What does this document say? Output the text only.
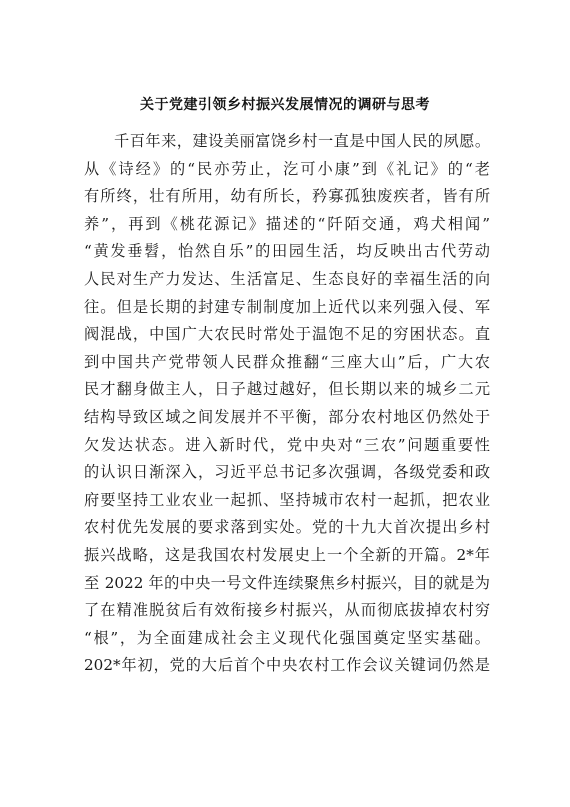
关于党建引领乡村振兴发展情况的调研与思考
千百年来，建设美丽富饶乡村一直是中国人民的夙愿。
从《诗经》的“民亦劳止，汔可小康”到《礼记》的“老
有所终，壮有所用，幼有所长，矜寡孤独废疾者，皆有所
养”，再到《桃花源记》描述的“阡陌交通，鸡犬相闻”
“黄发垂髫，怡然自乐”的田园生活，均反映出古代劳动
人民对生产力发达、生活富足、生态良好的幸福生活的向
往。但是长期的封建专制制度加上近代以来列强入侵、军
阀混战，中国广大农民时常处于温饱不足的穷困状态。直
到中国共产党带领人民群众推翻“三座大山”后，广大农
民才翻身做主人，日子越过越好，但长期以来的城乡二元
结构导致区域之间发展并不平衡，部分农村地区仍然处于
欠发达状态。进入新时代，党中央对“三农”问题重要性
的认识日渐深入，习近平总书记多次强调，各级党委和政
府要坚持工业农业一起抓、坚持城市农村一起抓，把农业
农村优先发展的要求落到实处。党的十九大首次提出乡村
振兴战略，这是我国农村发展史上一个全新的开篇。2*年
至 2022 年的中央一号文件连续聚焦乡村振兴，目的就是为
了在精准脱贫后有效衔接乡村振兴，从而彻底拔掉农村穷
“根”，为全面建成社会主义现代化强国奠定坚实基础。
202*年初，党的大后首个中央农村工作会议关键词仍然是
